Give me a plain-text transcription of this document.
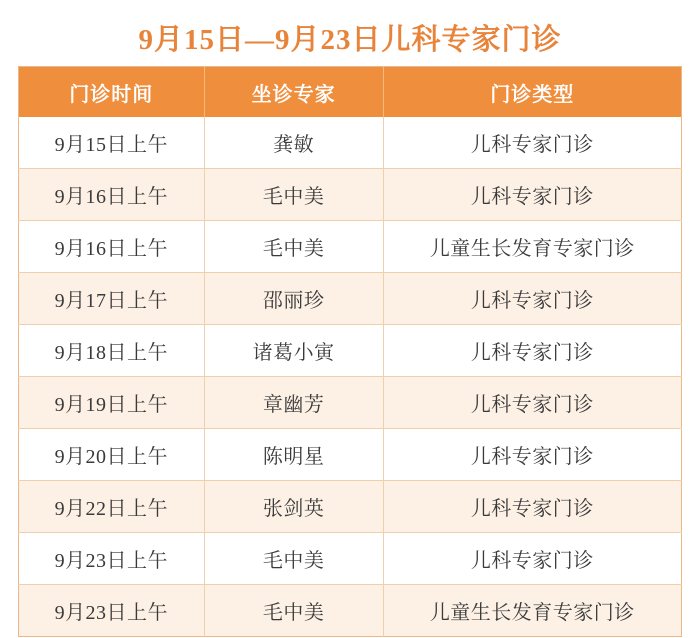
9月15日—9月23日儿科专家门诊
门诊时间	坐诊专家	门诊类型
9月15日上午	龚敏	儿科专家门诊
9月16日上午	毛中美	儿科专家门诊
9月16日上午	毛中美	儿童生长发育专家门诊
9月17日上午	邵丽珍	儿科专家门诊
9月18日上午	诸葛小寅	儿科专家门诊
9月19日上午	章幽芳	儿科专家门诊
9月20日上午	陈明星	儿科专家门诊
9月22日上午	张剑英	儿科专家门诊
9月23日上午	毛中美	儿科专家门诊
9月23日上午	毛中美	儿童生长发育专家门诊
